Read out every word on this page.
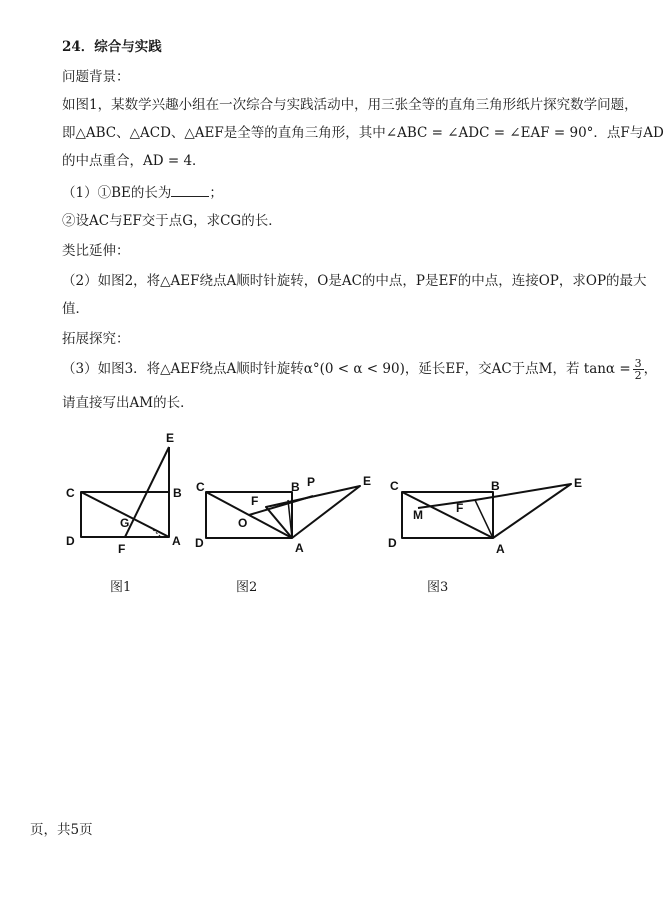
24．综合与实践
问题背景：
如图1，某数学兴趣小组在一次综合与实践活动中，用三张全等的直角三角形纸片探究数学问题，
即△ABC、△ACD、△AEF是全等的直角三角形，其中∠ABC = ∠ADC = ∠EAF = 90°．点F与AD
的中点重合，AD = 4．
（1）①BE的长为	；
②设AC与EF交于点G，求CG的长．
类比延伸：
（2）如图2，将△AEF绕点A顺时针旋转，O是AC的中点，P是EF的中点，连接OP，求OP的最大
值．
拓展探究：
（3）如图3．将△AEF绕点A顺时针旋转α°(0 < α < 90)，延长EF，交AC于点M，若 $\tan\alpha = \frac{3}{2}$ ，
请直接写出AM的长．
E
C	B
G
D
F
A
C	B P	E
F
O
D	A
C	B	E
M	F
D	A
图1	图2	图3
页，共5页
